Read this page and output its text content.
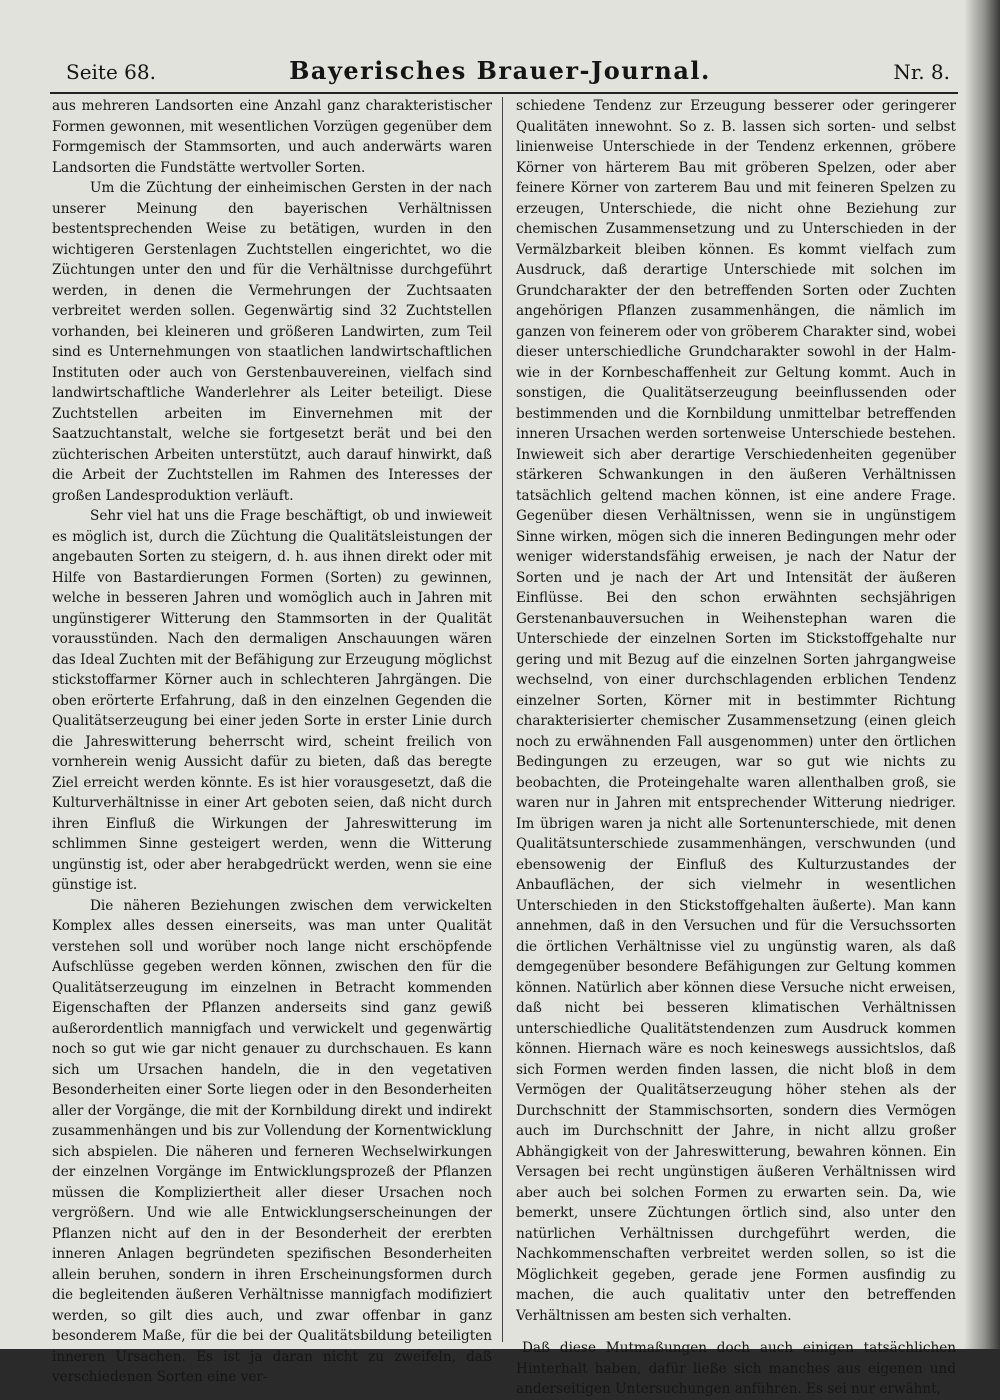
Seite 68.	Bayerisches Brauer-Journal.	Nr. 8.

aus mehreren Landsorten eine Anzahl ganz charakteristischer Formen gewonnen, mit wesentlichen Vorzügen gegenüber dem Formgemisch der Stammsorten, und auch anderwärts waren Landsorten die Fundstätte wertvoller Sorten.

Um die Züchtung der einheimischen Gersten in der nach unserer Meinung den bayerischen Verhältnissen bestentsprechenden Weise zu betätigen, wurden in den wichtigeren Gerstenlagen Zuchtstellen eingerichtet, wo die Züchtungen unter den und für die Verhältnisse durchgeführt werden, in denen die Vermehrungen der Zuchtsaaten verbreitet werden sollen. Gegenwärtig sind 32 Zuchtstellen vorhanden, bei kleineren und größeren Landwirten, zum Teil sind es Unternehmungen von staatlichen landwirtschaftlichen Instituten oder auch von Gerstenbauvereinen, vielfach sind landwirtschaftliche Wanderlehrer als Leiter beteiligt. Diese Zuchtstellen arbeiten im Einvernehmen mit der Saatzuchtanstalt, welche sie fortgesetzt berät und bei den züchterischen Arbeiten unterstützt, auch darauf hinwirkt, daß die Arbeit der Zuchtstellen im Rahmen des Interesses der großen Landesproduktion verläuft.

Sehr viel hat uns die Frage beschäftigt, ob und inwieweit es möglich ist, durch die Züchtung die Qualitätsleistungen der angebauten Sorten zu steigern, d. h. aus ihnen direkt oder mit Hilfe von Bastardierungen Formen (Sorten) zu gewinnen, welche in besseren Jahren und womöglich auch in Jahren mit ungünstigerer Witterung den Stammsorten in der Qualität vorausstünden. Nach den dermaligen Anschauungen wären das Ideal Zuchten mit der Befähigung zur Erzeugung möglichst stickstoffarmer Körner auch in schlechteren Jahrgängen. Die oben erörterte Erfahrung, daß in den einzelnen Gegenden die Qualitätserzeugung bei einer jeden Sorte in erster Linie durch die Jahreswitterung beherrscht wird, scheint freilich von vornherein wenig Aussicht dafür zu bieten, daß das beregte Ziel erreicht werden könnte. Es ist hier vorausgesetzt, daß die Kulturverhältnisse in einer Art geboten seien, daß nicht durch ihren Einfluß die Wirkungen der Jahreswitterung im schlimmen Sinne gesteigert werden, wenn die Witterung ungünstig ist, oder aber herabgedrückt werden, wenn sie eine günstige ist.

Die näheren Beziehungen zwischen dem verwickelten Komplex alles dessen einerseits, was man unter Qualität verstehen soll und worüber noch lange nicht erschöpfende Aufschlüsse gegeben werden können, zwischen den für die Qualitätserzeugung im einzelnen in Betracht kommenden Eigenschaften der Pflanzen anderseits sind ganz gewiß außerordentlich mannigfach und verwickelt und gegenwärtig noch so gut wie gar nicht genauer zu durchschauen. Es kann sich um Ursachen handeln, die in den vegetativen Besonderheiten einer Sorte liegen oder in den Besonderheiten aller der Vorgänge, die mit der Kornbildung direkt und indirekt zusammenhängen und bis zur Vollendung der Kornentwicklung sich abspielen. Die näheren und ferneren Wechselwirkungen der einzelnen Vorgänge im Entwicklungsprozeß der Pflanzen müssen die Kompliziertheit aller dieser Ursachen noch vergrößern. Und wie alle Entwicklungserscheinungen der Pflanzen nicht auf den in der Besonderheit der ererbten inneren Anlagen begründeten spezifischen Besonderheiten allein beruhen, sondern in ihren Erscheinungsformen durch die begleitenden äußeren Verhältnisse mannigfach modifiziert werden, so gilt dies auch, und zwar offenbar in ganz besonderem Maße, für die bei der Qualitätsbildung beteiligten inneren Ursachen. Es ist ja daran nicht zu zweifeln, daß verschiedenen Sorten eine ver-

schiedene Tendenz zur Erzeugung besserer oder geringerer Qualitäten innewohnt. So z. B. lassen sich sorten- und selbst linienweise Unterschiede in der Tendenz erkennen, gröbere Körner von härterem Bau mit gröberen Spelzen, oder aber feinere Körner von zarterem Bau und mit feineren Spelzen zu erzeugen, Unterschiede, die nicht ohne Beziehung zur chemischen Zusammensetzung und zu Unterschieden in der Vermälzbarkeit bleiben können. Es kommt vielfach zum Ausdruck, daß derartige Unterschiede mit solchen im Grundcharakter der den betreffenden Sorten oder Zuchten angehörigen Pflanzen zusammenhängen, die nämlich im ganzen von feinerem oder von gröberem Charakter sind, wobei dieser unterschiedliche Grundcharakter sowohl in der Halm- wie in der Kornbeschaffenheit zur Geltung kommt. Auch in sonstigen, die Qualitätserzeugung beeinflussenden oder bestimmenden und die Kornbildung unmittelbar betreffenden inneren Ursachen werden sortenweise Unterschiede bestehen. Inwieweit sich aber derartige Verschiedenheiten gegenüber stärkeren Schwankungen in den äußeren Verhältnissen tatsächlich geltend machen können, ist eine andere Frage. Gegenüber diesen Verhältnissen, wenn sie in ungünstigem Sinne wirken, mögen sich die inneren Bedingungen mehr oder weniger widerstandsfähig erweisen, je nach der Natur der Sorten und je nach der Art und Intensität der äußeren Einflüsse. Bei den schon erwähnten sechsjährigen Gerstenanbauversuchen in Weihenstephan waren die Unterschiede der einzelnen Sorten im Stickstoffgehalte nur gering und mit Bezug auf die einzelnen Sorten jahrgangweise wechselnd, von einer durchschlagenden erblichen Tendenz einzelner Sorten, Körner mit in bestimmter Richtung charakterisierter chemischer Zusammensetzung (einen gleich noch zu erwähnenden Fall ausgenommen) unter den örtlichen Bedingungen zu erzeugen, war so gut wie nichts zu beobachten, die Proteingehalte waren allenthalben groß, sie waren nur in Jahren mit entsprechender Witterung niedriger. Im übrigen waren ja nicht alle Sortenunterschiede, mit denen Qualitätsunterschiede zusammenhängen, verschwunden (und ebensowenig der Einfluß des Kulturzustandes der Anbauflächen, der sich vielmehr in wesentlichen Unterschieden in den Stickstoffgehalten äußerte). Man kann annehmen, daß in den Versuchen und für die Versuchssorten die örtlichen Verhältnisse viel zu ungünstig waren, als daß demgegenüber besondere Befähigungen zur Geltung kommen können. Natürlich aber können diese Versuche nicht erweisen, daß nicht bei besseren klimatischen Verhältnissen unterschiedliche Qualitätstendenzen zum Ausdruck kommen können. Hiernach wäre es noch keineswegs aussichtslos, daß sich Formen werden finden lassen, die nicht bloß in dem Vermögen der Qualitätserzeugung höher stehen als der Durchschnitt der Stammischsorten, sondern dies Vermögen auch im Durchschnitt der Jahre, in nicht allzu großer Abhängigkeit von der Jahreswitterung, bewahren können. Ein Versagen bei recht ungünstigen äußeren Verhältnissen wird aber auch bei solchen Formen zu erwarten sein. Da, wie bemerkt, unsere Züchtungen örtlich sind, also unter den natürlichen Verhältnissen durchgeführt werden, die Nachkommenschaften verbreitet werden sollen, so ist die Möglichkeit gegeben, gerade jene Formen ausfindig zu machen, die auch qualitativ unter den betreffenden Verhältnissen am besten sich verhalten.

Daß diese Mutmaßungen doch auch einigen tatsächlichen Hinterhalt haben, dafür ließe sich manches aus eigenen und anderseitigen Untersuchungen anführen. Es sei nur erwähnt,
